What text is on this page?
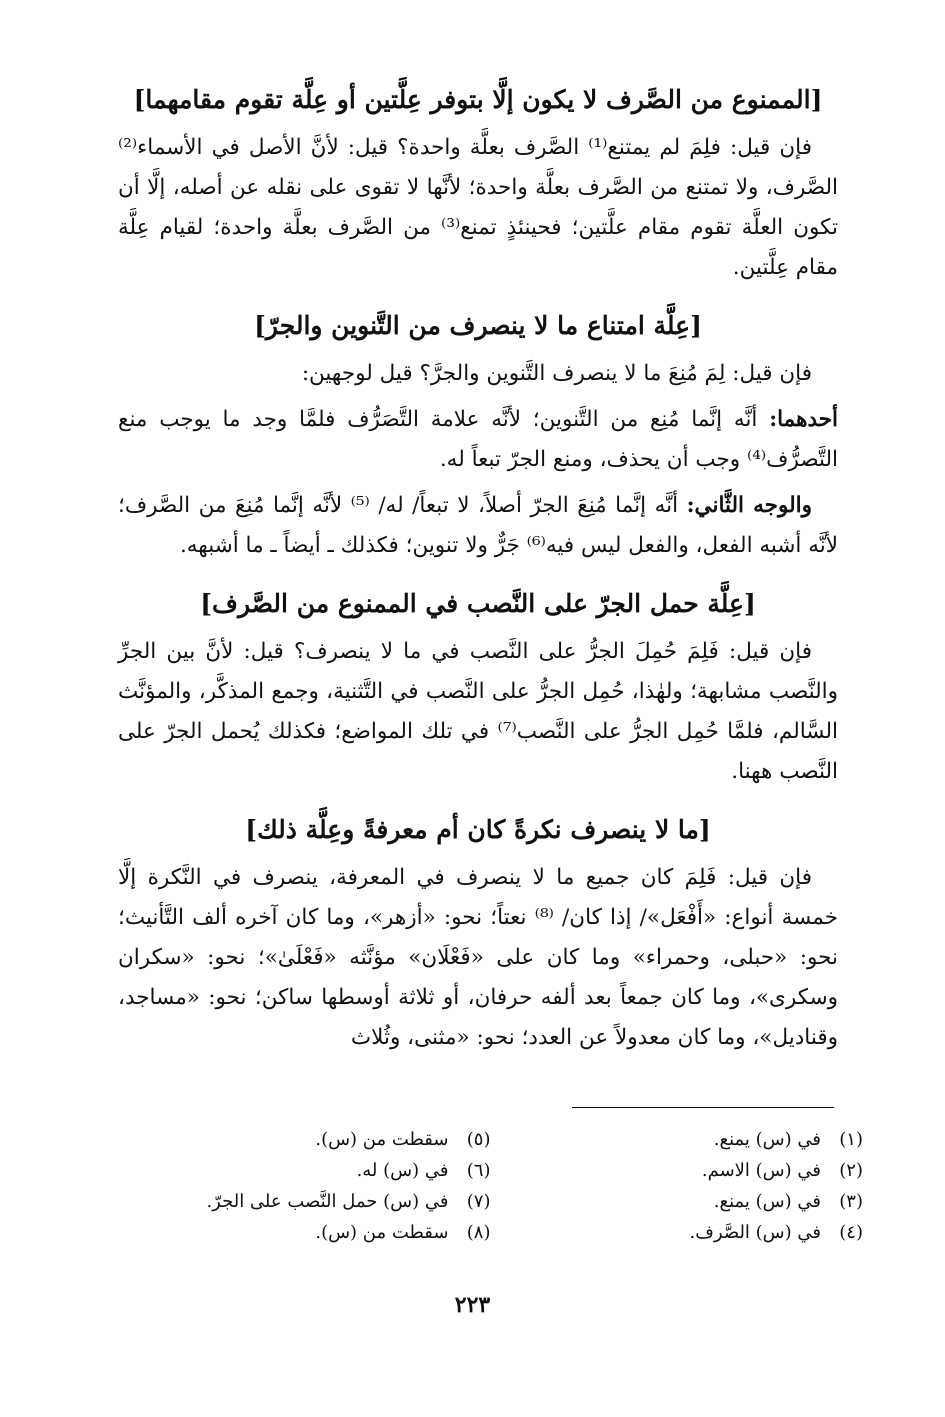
[الممنوع من الصَّرف لا يكون إلَّا بتوفر عِلَّتين أو عِلَّة تقوم مقامهما]

فإن قيل: فلِمَ لم يمتنع⁽¹⁾ الصَّرف بعلَّة واحدة؟ قيل: لأنَّ الأصل في الأسماء⁽²⁾ الصَّرف، ولا تمتنع من الصَّرف بعلَّة واحدة؛ لأنَّها لا تقوى على نقله عن أصله، إلَّا أن تكون العلَّة تقوم مقام علَّتين؛ فحينئذٍ تمنع⁽³⁾ من الصَّرف بعلَّة واحدة؛ لقيام عِلَّة مقام عِلَّتين.

[عِلَّة امتناع ما لا ينصرف من التَّنوين والجرّ]

فإن قيل: لِمَ مُنِعَ ما لا ينصرف التَّنوين والجرَّ؟ قيل لوجهين:

أحدهما: أنَّه إنَّما مُنِع من التَّنوين؛ لأنَّه علامة التَّصَرُّف فلمَّا وجد ما يوجب منع التَّصرُّف⁽⁴⁾ وجب أن يحذف، ومنع الجرّ تبعاً له.

والوجه الثَّاني: أنَّه إنَّما مُنِعَ الجرّ أصلاً، لا تبعاً/ له/ ⁽⁵⁾ لأنَّه إنَّما مُنِعَ من الصَّرف؛ لأنَّه أشبه الفعل، والفعل ليس فيه⁽⁶⁾ جَرٌّ ولا تنوين؛ فكذلك ـ أيضاً ـ ما أشبهه.

[عِلَّة حمل الجرّ على النَّصب في الممنوع من الصَّرف]

فإن قيل: فَلِمَ حُمِلَ الجرُّ على النَّصب في ما لا ينصرف؟ قيل: لأنَّ بين الجرِّ والنَّصب مشابهة؛ ولهٰذا، حُمِل الجرُّ على النَّصب في التَّثنية، وجمع المذكَّر، والمؤنَّث السَّالم، فلمَّا حُمِل الجرُّ على النَّصب⁽⁷⁾ في تلك المواضع؛ فكذلك يُحمل الجرّ على النَّصب ههنا.

[ما لا ينصرف نكرةً كان أم معرفةً وعِلَّة ذلك]

فإن قيل: فَلِمَ كان جميع ما لا ينصرف في المعرفة، ينصرف في النَّكرة إلَّا خمسة أنواع: «أَفْعَل»/ إذا كان/ ⁽⁸⁾ نعتاً؛ نحو: «أزهر»، وما كان آخره ألف التَّأنيث؛ نحو: «حبلى، وحمراء» وما كان على «فَعْلَان» مؤنَّثه «فَعْلَىٰ»؛ نحو: «سكران وسكرى»، وما كان جمعاً بعد ألفه حرفان، أو ثلاثة أوسطها ساكن؛ نحو: «مساجد، وقناديل»، وما كان معدولاً عن العدد؛ نحو: «مثنى، وثُلاث

(١)
في (س) يمنع.
(٢)
في (س) الاسم.
(٣)
في (س) يمنع.
(٤)
في (س) الصَّرف.
(٥)
سقطت من (س).
(٦)
في (س) له.
(٧)
في (س) حمل النَّصب على الجرّ.
(٨)
سقطت من (س).
٢٢٣
